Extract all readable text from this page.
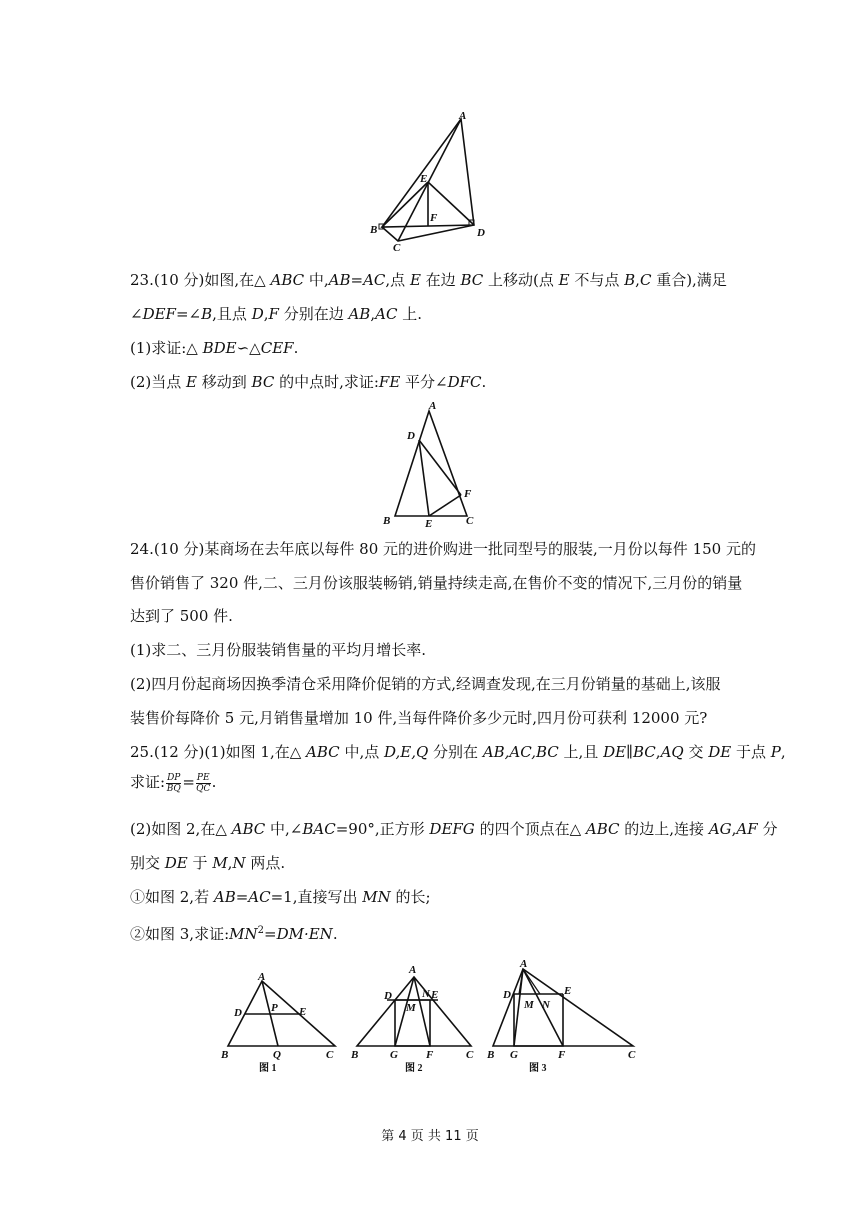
A
E
F
B
C
D
23.(10 分)如图,在△ ABC 中,AB=AC,点 E 在边 BC 上移动(点 E 不与点 B,C 重合),满足
∠DEF=∠B,且点 D,F 分别在边 AB,AC 上.
(1)求证:△ BDE∽△CEF.
(2)当点 E 移动到 BC 的中点时,求证:FE 平分∠DFC.
A
D
F
B	E	C
24.(10 分)某商场在去年底以每件 80 元的进价购进一批同型号的服装,一月份以每件 150 元的
售价销售了 320 件,二、三月份该服装畅销,销量持续走高,在售价不变的情况下,三月份的销量
达到了 500 件.
(1)求二、三月份服装销售量的平均月增长率.
(2)四月份起商场因换季清仓采用降价促销的方式,经调查发现,在三月份销量的基础上,该服
装售价每降价 5 元,月销售量增加 10 件,当每件降价多少元时,四月份可获利 12000 元?
25.(12 分)(1)如图 1,在△ ABC 中,点 D,E,Q 分别在 AB,AC,BC 上,且 DE∥BC,AQ 交 DE 于点 P,
求证: $\frac{DP}{BQ} = \frac{PE}{QC}$ .
(2)如图 2,在△ ABC 中,∠BAC=90°,正方形 DEFG 的四个顶点在△ ABC 的边上,连接 AG,AF 分
别交 DE 于 M,N 两点.
①如图 2,若 AB=AC=1,直接写出 MN 的长;
②如图 3,求证$:MN^2=DM\cdot EN$.
A
P
D	E
B	Q	C
图 1
A
D
M
N E
B	G	F	C
图 2
A
D
M N
E
B G	F	C
图 3
第 4 页 共 11 页
